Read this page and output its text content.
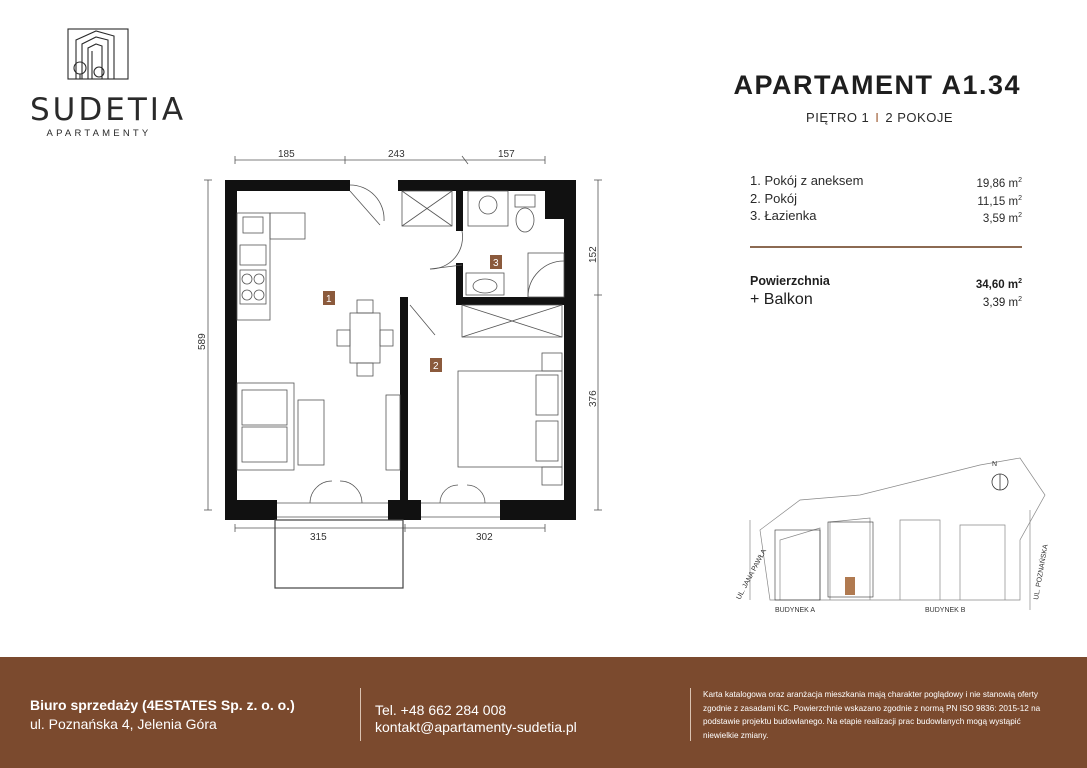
SUDETIA
APARTAMENTY
APARTAMENT A1.34
PIĘTRO 1 I 2 POKOJE
1. Pokój z aneksem	19,86 $m^2$
2. Pokój	11,15 $m^2$
3. Łazienka	3,59 $m^2$
Powierzchnia	34,60 $m^2$
+ Balkon	3,39 $m^2$
185	243	157
315	302
589
152
376
1
2
3
N
UL. JANA PAWŁA	UL. POZNAŃSKA
BUDYNEK A	BUDYNEK B
Biuro sprzedaży (4ESTATES Sp. z. o. o.)
ul. Poznańska 4, Jelenia Góra
Tel. +48 662 284 008
kontakt@apartamenty-sudetia.pl
Karta katalogowa oraz aranżacja mieszkania mają charakter poglądowy i nie stanowią oferty zgodnie z zasadami KC. Powierzchnie wskazano zgodnie z normą PN ISO 9836: 2015-12 na podstawie projektu budowlanego. Na etapie realizacji prac budowlanych mogą wystąpić niewielkie zmiany.
